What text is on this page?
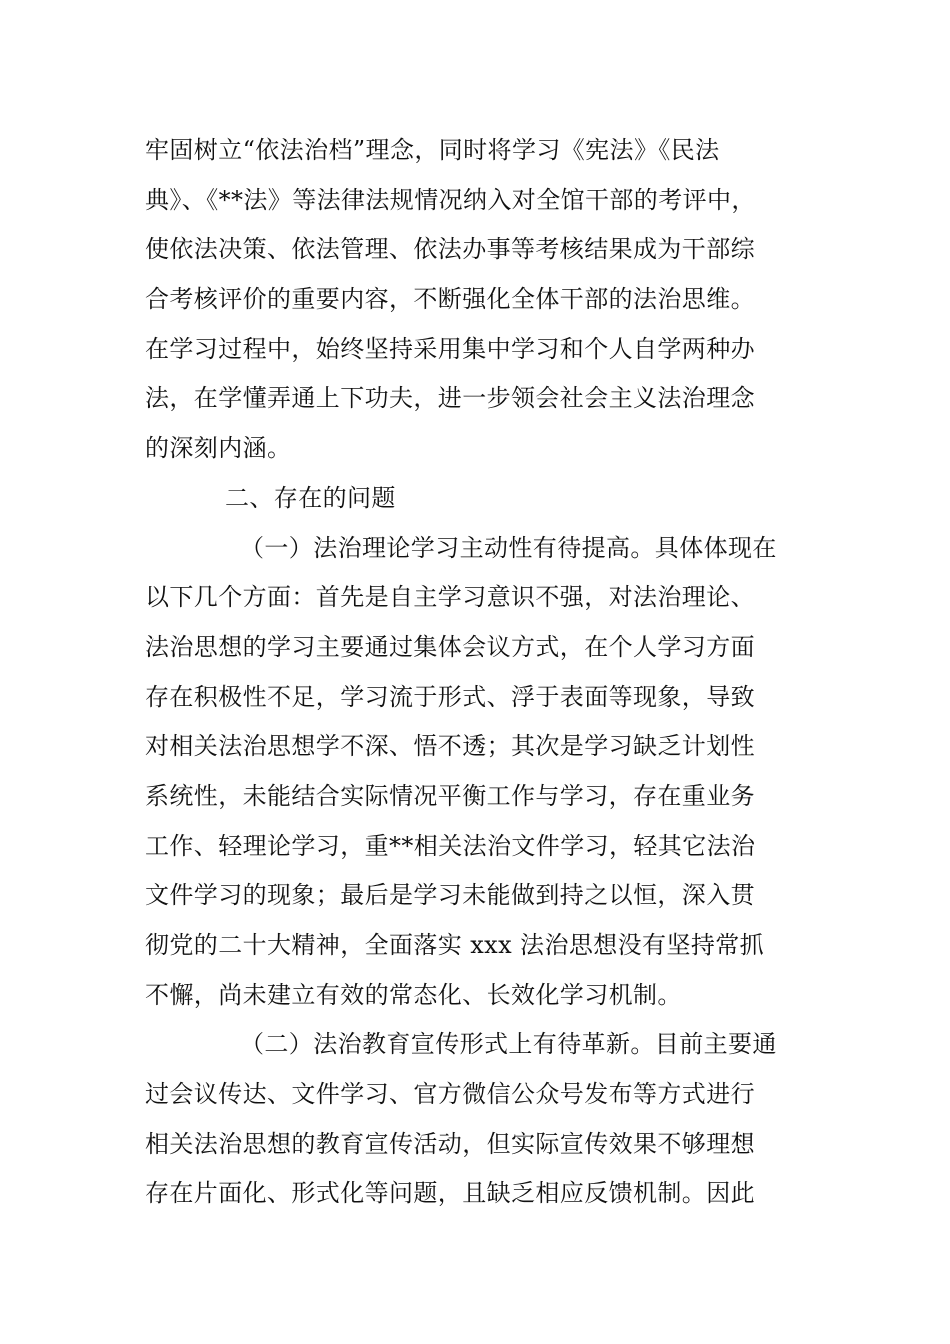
牢固树立“依法治档”理念，同时将学习《宪法》《民法
典》、《**法》等法律法规情况纳入对全馆干部的考评中，
使依法决策、依法管理、依法办事等考核结果成为干部综
合考核评价的重要内容，不断强化全体干部的法治思维。
在学习过程中，始终坚持采用集中学习和个人自学两种办
法，在学懂弄通上下功夫，进一步领会社会主义法治理念
的深刻内涵。
二、存在的问题
（一）法治理论学习主动性有待提高。具体体现在
以下几个方面：首先是自主学习意识不强，对法治理论、
法治思想的学习主要通过集体会议方式，在个人学习方面
存在积极性不足，学习流于形式、浮于表面等现象，导致
对相关法治思想学不深、悟不透；其次是学习缺乏计划性
系统性，未能结合实际情况平衡工作与学习，存在重业务
工作、轻理论学习，重**相关法治文件学习，轻其它法治
文件学习的现象；最后是学习未能做到持之以恒，深入贯
彻党的二十大精神，全面落实 xxx 法治思想没有坚持常抓
不懈，尚未建立有效的常态化、长效化学习机制。
（二）法治教育宣传形式上有待革新。目前主要通
过会议传达、文件学习、官方微信公众号发布等方式进行
相关法治思想的教育宣传活动，但实际宣传效果不够理想
存在片面化、形式化等问题，且缺乏相应反馈机制。因此
